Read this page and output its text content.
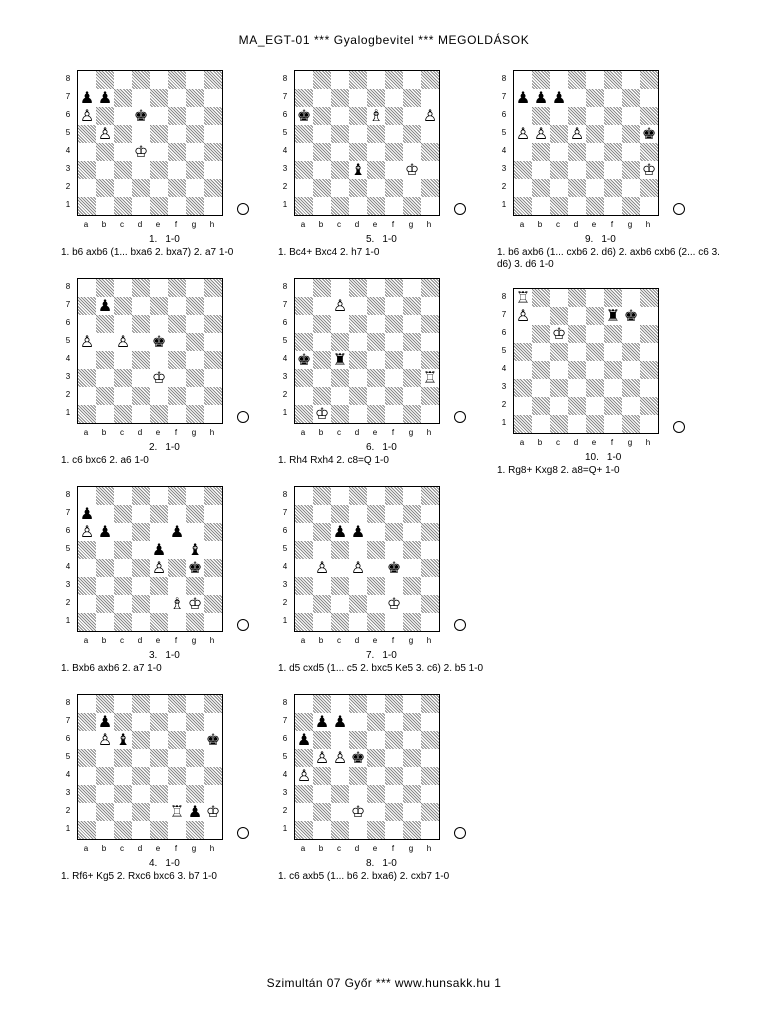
MA_EGT-01 *** Gyalogbevitel *** MEGOLDÁSOK
8
7
6
5
4
3
2
1
♟ ♟
♙ ♚
♙
♔
a	b	c	d	e	f	g	h
1. 1-0
1. b6 axb6 (1... bxa6 2. bxa7) 2. a7 1-0
8
7
6
5
4
3
2
1
♟
♙ ♙ ♚
♔
a	b	c	d	e	f	g	h
2. 1-0
1. c6 bxc6 2. a6 1-0
8
7
6
5
4
3
2
1
♟
♙ ♟	♟
♟ ♝
♙ ♚
♗ ♔
a	b	c	d	e	f	g	h
3. 1-0
1. Bxb6 axb6 2. a7 1-0
8
7
6
5
4
3
2
1
♟
♙ ♝	♚
♖ ♟ ♔
a	b	c	d	e	f	g	h
4. 1-0
1. Rf6+ Kg5 2. Rxc6 bxc6 3. b7 1-0
8
7
6
5
4
3
2
1
♚	♗ ♙
♝ ♔
a	b	c	d	e	f	g	h
5. 1-0
1. Bc4+ Bxc4 2. h7 1-0
8
7
6
5
4
3
2
1
♙
♚ ♜
♖
♔
a	b	c	d	e	f	g	h
6. 1-0
1. Rh4 Rxh4 2. c8=Q 1-0
8
7
6
5
4
3
2
1
♟ ♟
♙ ♙ ♚
♔
a	b	c	d	e	f	g	h
7. 1-0
1. d5 cxd5 (1... c5 2. bxc5 Ke5 3. c6) 2. b5 1-0
8
7
6
5
4
3
2
1
♟ ♟
♟
♙ ♙ ♚
♙
♔
a	b	c	d	e	f	g	h
8. 1-0
1. c6 axb5 (1... b6 2. bxa6) 2. cxb7 1-0
8
7
6
5
4
3
2
1
♟ ♟ ♟
♙ ♙ ♙	♚
♔
a	b	c	d	e	f	g	h
9. 1-0
1. b6 axb6 (1... cxb6 2. d6) 2. axb6 cxb6 (2... c6 3. d6) 3. d6 1-0
8
7
6
5
4
3
2
1
♖
♙	♜ ♚
♔
a	b	c	d	e	f	g	h
10. 1-0
1. Rg8+ Kxg8 2. a8=Q+ 1-0
Szimultán 07 Győr *** www.hunsakk.hu 1
